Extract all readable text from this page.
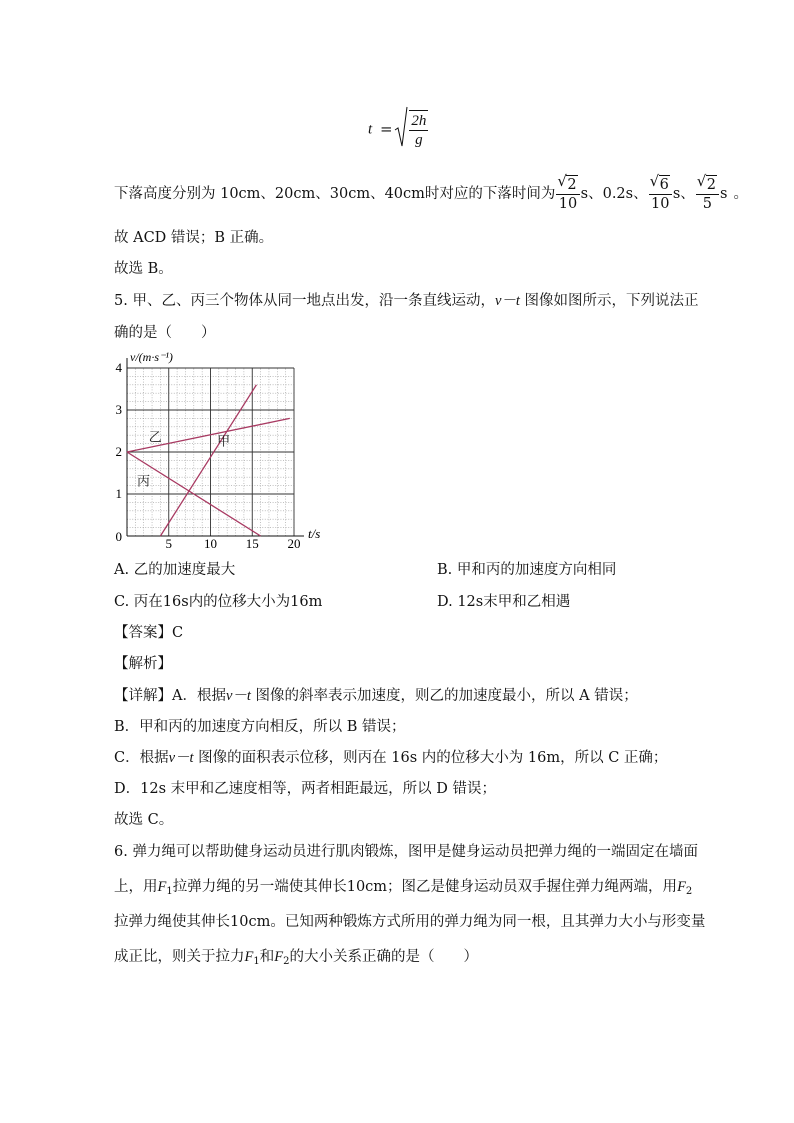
$t = \frac{2h}{g}$
下落高度分别为 10cm、20cm、30cm、40cm时对应的下落时间为 √ $\frac{2}{10}$ s、0.2s、 √ $\frac{6}{10}$ s、 √ $\frac{2}{5}$ s 。
故 ACD 错误；B 正确。
故选 B。
5. 甲、乙、丙三个物体从同一地点出发，沿一条直线运动，v－t 图像如图所示，下列说法正
确的是（　　）
5 10 15 20
1
2
3
4
0	t/s
v/(m·s⁻¹)
甲
乙
丙
A. 乙的加速度最大	B. 甲和丙的加速度方向相同
C. 丙在16s内的位移大小为16m	D. 12s末甲和乙相遇
【答案】C
【解析】
【详解】A．根据v－t 图像的斜率表示加速度，则乙的加速度最小，所以 A 错误；
B．甲和丙的加速度方向相反，所以 B 错误；
C．根据v－t 图像的面积表示位移，则丙在 16s 内的位移大小为 16m，所以 C 正确；
D．12s 末甲和乙速度相等，两者相距最远，所以 D 错误；
故选 C。
6. 弹力绳可以帮助健身运动员进行肌肉锻炼，图甲是健身运动员把弹力绳的一端固定在墙面
上，用$F_1$拉弹力绳的另一端使其伸长10cm；图乙是健身运动员双手握住弹力绳两端，用$F_2$
拉弹力绳使其伸长10cm。已知两种锻炼方式所用的弹力绳为同一根，且其弹力大小与形变量
成正比，则关于拉力$F_1$和$F_2$的大小关系正确的是（　　）
